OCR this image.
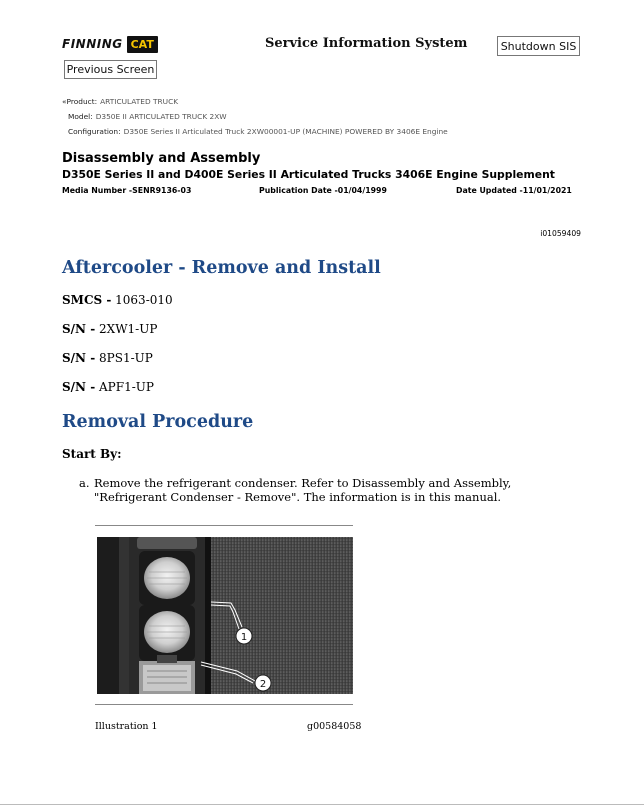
FINNING CAT	Service Information System	Shutdown SIS
Previous Screen
«Product: ARTICULATED TRUCK
Model: D350E II ARTICULATED TRUCK 2XW
Configuration: D350E Series II Articulated Truck 2XW00001-UP (MACHINE) POWERED BY 3406E Engine
Disassembly and Assembly
D350E Series II and D400E Series II Articulated Trucks 3406E Engine Supplement
Media Number -SENR9136-03	Publication Date -01/04/1999	Date Updated -11/01/2021
i01059409
Aftercooler - Remove and Install
SMCS - 1063-010
S/N - 2XW1-UP
S/N - 8PS1-UP
S/N - APF1-UP
Removal Procedure
Start By:
a. Remove the refrigerant condenser. Refer to Disassembly and Assembly, "Refrigerant Condenser - Remove". The information is in this manual.
1
2
Illustration 1	g00584058
